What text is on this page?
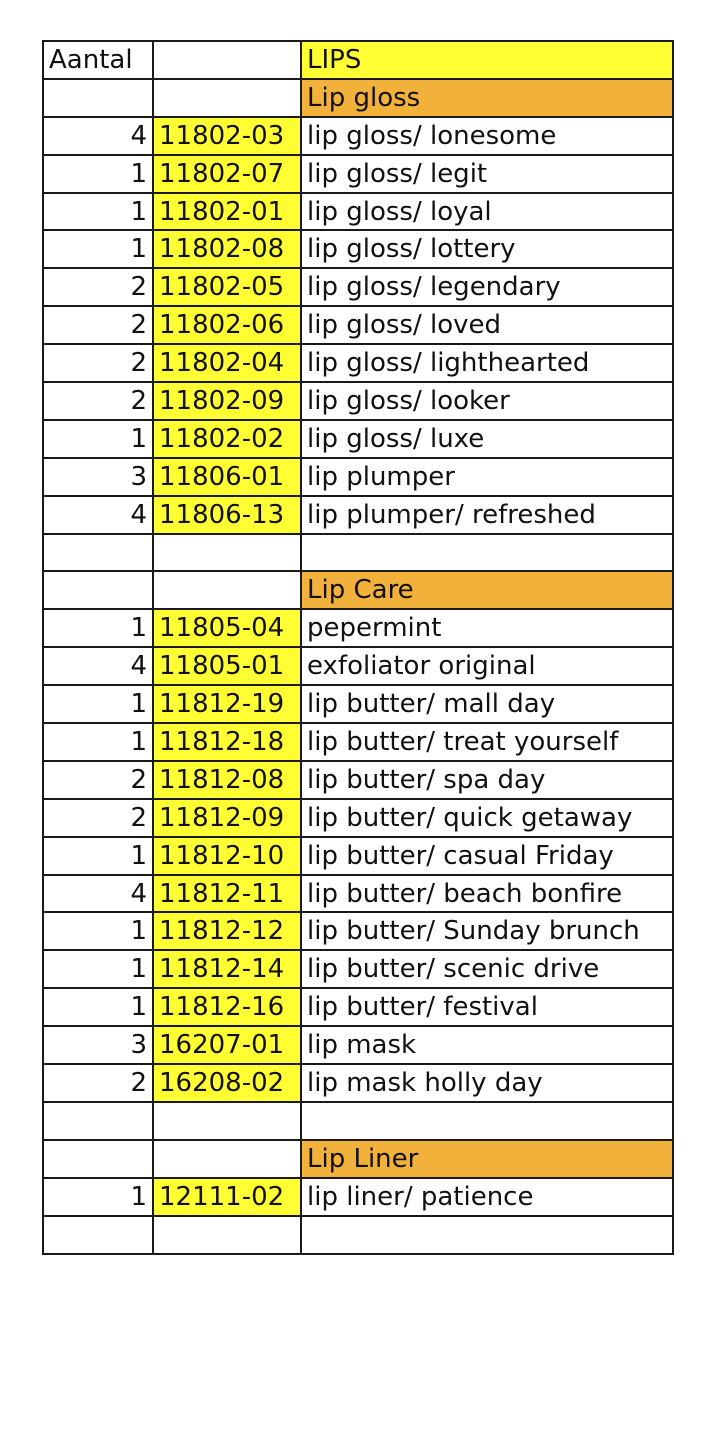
Aantal		LIPS
		Lip gloss
4	11802-03	lip gloss/ lonesome
1	11802-07	lip gloss/ legit
1	11802-01	lip gloss/ loyal
1	11802-08	lip gloss/ lottery
2	11802-05	lip gloss/ legendary
2	11802-06	lip gloss/ loved
2	11802-04	lip gloss/ lighthearted
2	11802-09	lip gloss/ looker
1	11802-02	lip gloss/ luxe
3	11806-01	lip plumper
4	11806-13	lip plumper/ refreshed

		Lip Care
1	11805-04	pepermint
4	11805-01	exfoliator original
1	11812-19	lip butter/ mall day
1	11812-18	lip butter/ treat yourself
2	11812-08	lip butter/ spa day
2	11812-09	lip butter/ quick getaway
1	11812-10	lip butter/ casual Friday
4	11812-11	lip butter/ beach bonfire
1	11812-12	lip butter/ Sunday brunch
1	11812-14	lip butter/ scenic drive
1	11812-16	lip butter/ festival
3	16207-01	lip mask
2	16208-02	lip mask holly day

		Lip Liner
1	12111-02	lip liner/ patience
